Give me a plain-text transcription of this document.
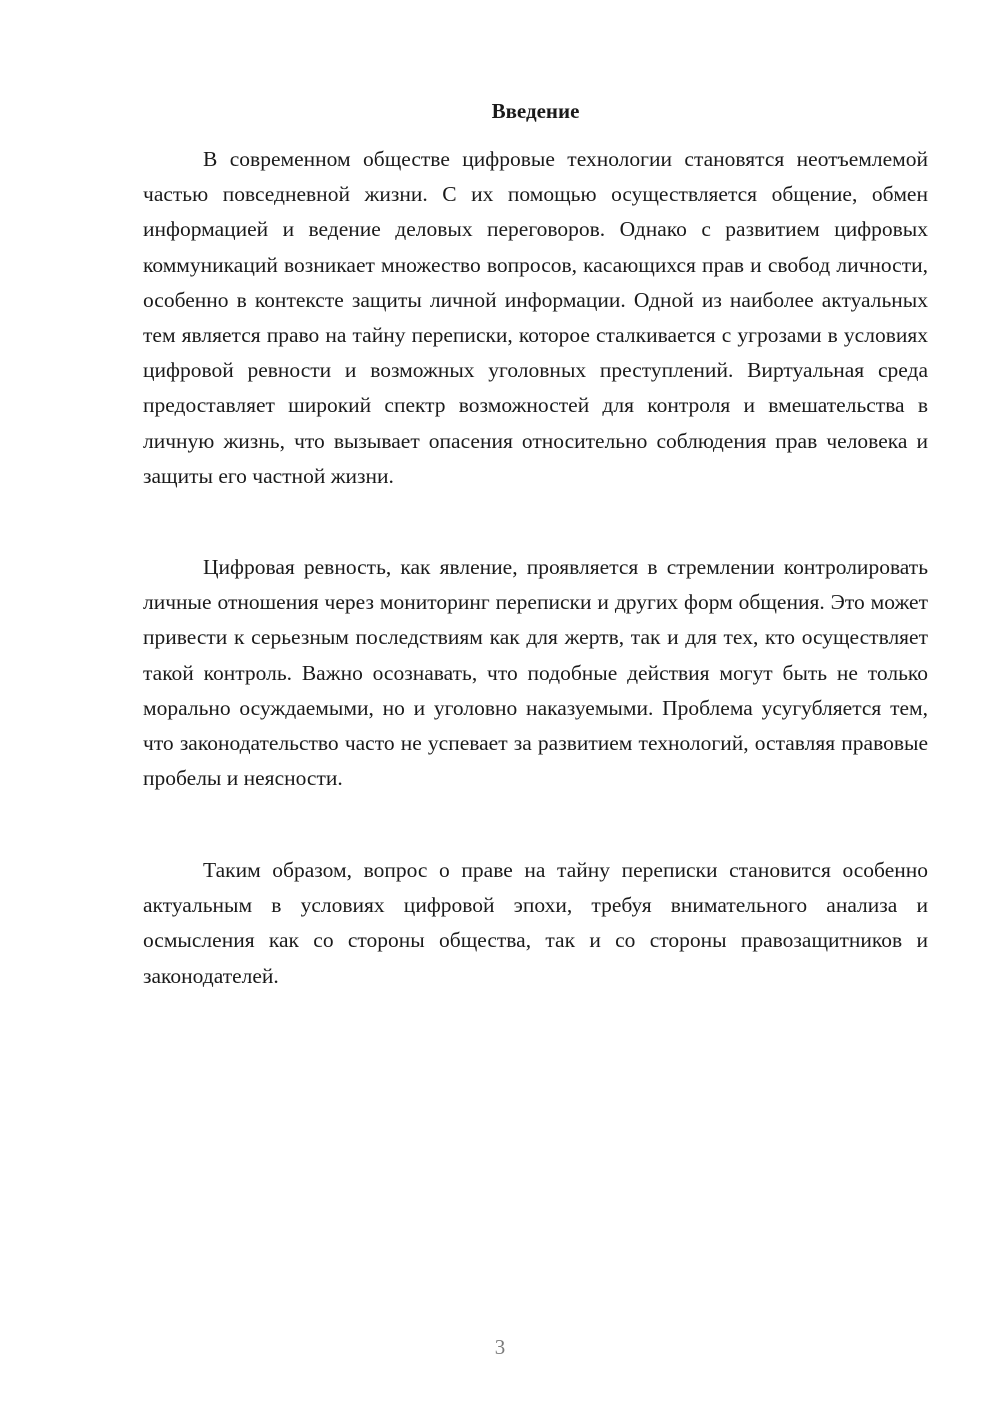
Введение

В современном обществе цифровые технологии становятся неотъемлемой частью повседневной жизни. С их помощью осуществляется общение, обмен информацией и ведение деловых переговоров. Однако с развитием цифровых коммуникаций возникает множество вопросов, касающихся прав и свобод личности, особенно в контексте защиты личной информации. Одной из наиболее актуальных тем является право на тайну переписки, которое сталкивается с угрозами в условиях цифровой ревности и возможных уголовных преступлений. Виртуальная среда предоставляет широкий спектр возможностей для контроля и вмешательства в личную жизнь, что вызывает опасения относительно соблюдения прав человека и защиты его частной жизни.

Цифровая ревность, как явление, проявляется в стремлении контролировать личные отношения через мониторинг переписки и других форм общения. Это может привести к серьезным последствиям как для жертв, так и для тех, кто осуществляет такой контроль. Важно осознавать, что подобные действия могут быть не только морально осуждаемыми, но и уголовно наказуемыми. Проблема усугубляется тем, что законодательство часто не успевает за развитием технологий, оставляя правовые пробелы и неясности.

Таким образом, вопрос о праве на тайну переписки становится особенно актуальным в условиях цифровой эпохи, требуя внимательного анализа и осмысления как со стороны общества, так и со стороны правозащитников и законодателей.

3
